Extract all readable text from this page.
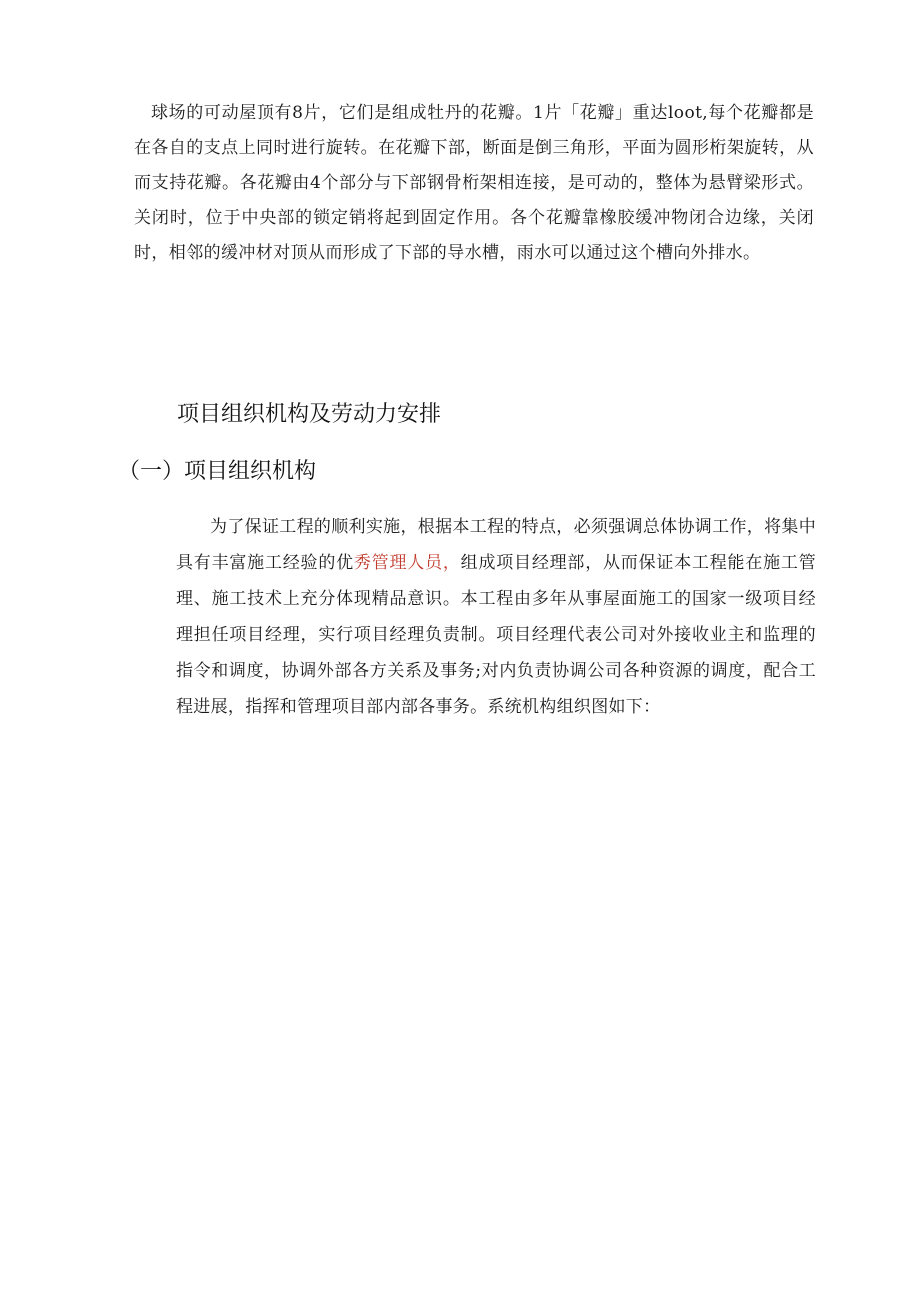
球场的可动屋顶有8片，它们是组成牡丹的花瓣。1片「花瓣」重达loot,每个花瓣都是在各自的支点上同时进行旋转。在花瓣下部，断面是倒三角形，平面为圆形桁架旋转，从而支持花瓣。各花瓣由4个部分与下部钢骨桁架相连接，是可动的，整体为悬臂梁形式。关闭时，位于中央部的锁定销将起到固定作用。各个花瓣靠橡胶缓冲物闭合边缘，关闭时，相邻的缓冲材对顶从而形成了下部的导水槽，雨水可以通过这个槽向外排水。

项目组织机构及劳动力安排
（一）项目组织机构

为了保证工程的顺利实施，根据本工程的特点，必须强调总体协调工作，将集中具有丰富施工经验的优秀管理人员，组成项目经理部，从而保证本工程能在施工管理、施工技术上充分体现精品意识。本工程由多年从事屋面施工的国家一级项目经理担任项目经理，实行项目经理负责制。项目经理代表公司对外接收业主和监理的指令和调度，协调外部各方关系及事务;对内负责协调公司各种资源的调度，配合工程进展，指挥和管理项目部内部各事务。系统机构组织图如下：
